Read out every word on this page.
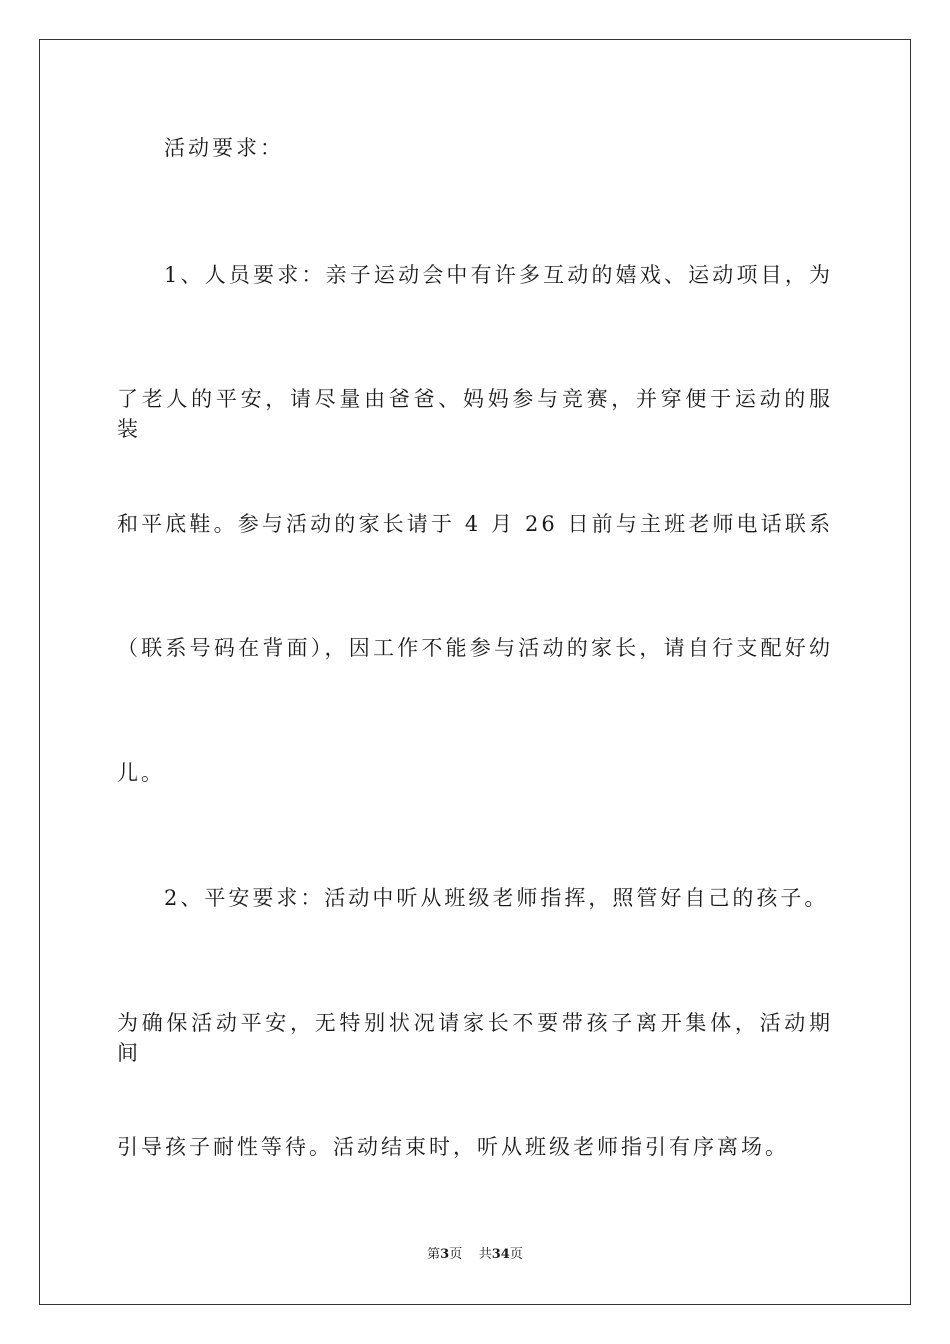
活动要求：

1、人员要求：亲子运动会中有许多互动的嬉戏、运动项目，为

了老人的平安，请尽量由爸爸、妈妈参与竞赛，并穿便于运动的服装

和平底鞋。参与活动的家长请于 4 月 26 日前与主班老师电话联系

（联系号码在背面），因工作不能参与活动的家长，请自行支配好幼

儿。

2、平安要求：活动中听从班级老师指挥，照管好自己的孩子。

为确保活动平安，无特别状况请家长不要带孩子离开集体，活动期间

引导孩子耐性等待。活动结束时，听从班级老师指引有序离场。

第3页    共34页
